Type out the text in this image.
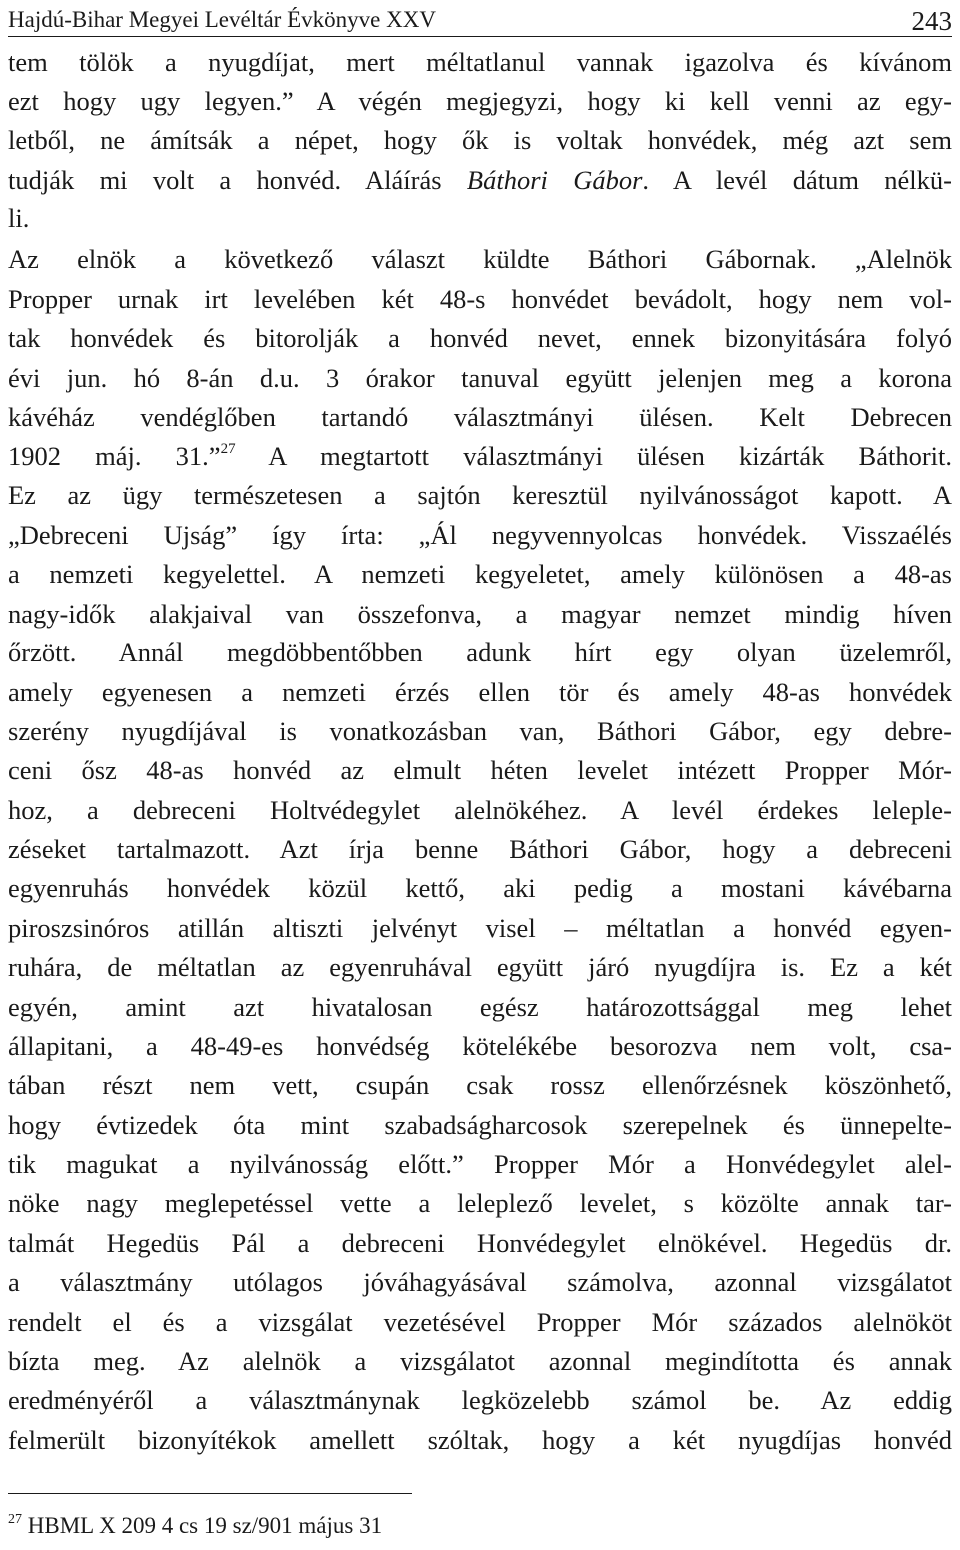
Hajdú-Bihar Megyei Levéltár Évkönyve XXV	243
tem tölök a nyugdíjat, mert méltatlanul vannak igazolva és kívánom
ezt hogy ugy legyen.” A végén megjegyzi, hogy ki kell venni az egy-
letből, ne ámítsák a népet, hogy ők is voltak honvédek, még azt sem
tudják mi volt a honvéd. Aláírás Báthori Gábor. A levél dátum nélkü-
li.
Az elnök a következő választ küldte Báthori Gábornak. „Alelnök
Propper urnak irt levelében két 48-s honvédet bevádolt, hogy nem vol-
tak honvédek és bitorolják a honvéd nevet, ennek bizonyitására folyó
évi jun. hó 8-án d.u. 3 órakor tanuval együtt jelenjen meg a korona
kávéház vendéglőben tartandó választmányi ülésen. Kelt Debrecen
1902 máj. 31.”$^{27}$ A megtartott választmányi ülésen kizárták Báthorit.
Ez az ügy természetesen a sajtón keresztül nyilvánosságot kapott. A
„Debreceni Ujság” így írta: „Ál negyvennyolcas honvédek. Visszaélés
a nemzeti kegyelettel. A nemzeti kegyeletet, amely különösen a 48-as
nagy-idők alakjaival van összefonva, a magyar nemzet mindig híven
őrzött. Annál megdöbbentőbben adunk hírt egy olyan üzelemről,
amely egyenesen a nemzeti érzés ellen tör és amely 48-as honvédek
szerény nyugdíjával is vonatkozásban van, Báthori Gábor, egy debre-
ceni ősz 48-as honvéd az elmult héten levelet intézett Propper Mór-
hoz, a debreceni Holtvédegylet alelnökéhez. A levél érdekes leleple-
zéseket tartalmazott. Azt írja benne Báthori Gábor, hogy a debreceni
egyenruhás honvédek közül kettő, aki pedig a mostani kávébarna
piroszsinóros atillán altiszti jelvényt visel – méltatlan a honvéd egyen-
ruhára, de méltatlan az egyenruhával együtt járó nyugdíjra is. Ez a két
egyén, amint azt hivatalosan egész határozottsággal meg lehet
állapitani, a 48-49-es honvédség kötelékébe besorozva nem volt, csa-
tában részt nem vett, csupán csak rossz ellenőrzésnek köszönhető,
hogy évtizedek óta mint szabadságharcosok szerepelnek és ünnepelte-
tik magukat a nyilvánosság előtt.” Propper Mór a Honvédegylet alel-
nöke nagy meglepetéssel vette a leleplező levelet, s közölte annak tar-
talmát Hegedüs Pál a debreceni Honvédegylet elnökével. Hegedüs dr.
a választmány utólagos jóváhagyásával számolva, azonnal vizsgálatot
rendelt el és a vizsgálat vezetésével Propper Mór százados alelnököt
bízta meg. Az alelnök a vizsgálatot azonnal megindította és annak
eredményéről a választmánynak legközelebb számol be. Az eddig
felmerült bizonyítékok amellett szóltak, hogy a két nyugdíjas honvéd
$^{27}$ HBML X 209 4 cs 19 sz/901 május 31
